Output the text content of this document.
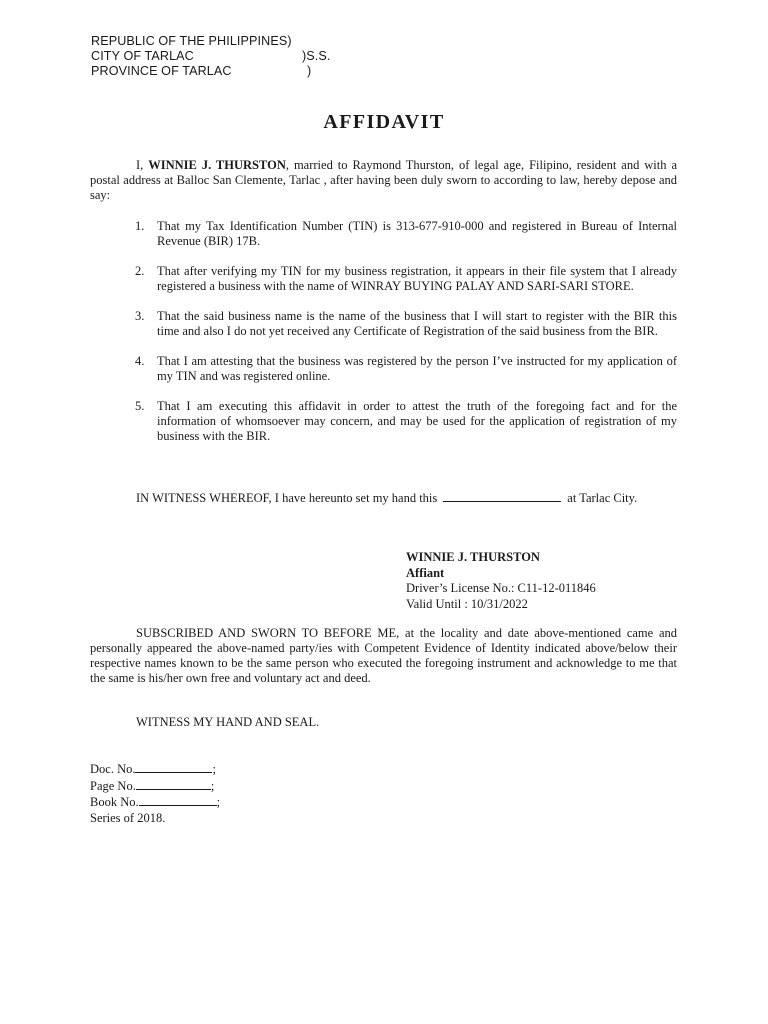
REPUBLIC OF THE PHILIPPINES)
CITY OF TARLAC	)S.S.
PROVINCE OF TARLAC	)
AFFIDAVIT

I, WINNIE J. THURSTON, married to Raymond Thurston, of legal age, Filipino, resident and with a postal address at Balloc San Clemente, Tarlac , after having been duly sworn to according to law, hereby depose and say:

1. That my Tax Identification Number (TIN) is 313-677-910-000 and registered in Bureau of Internal Revenue (BIR) 17B.
2. That after verifying my TIN for my business registration, it appears in their file system that I already registered a business with the name of WINRAY BUYING PALAY AND SARI-SARI STORE.
3. That the said business name is the name of the business that I will start to register with the BIR this time and also I do not yet received any Certificate of Registration of the said business from the BIR.
4. That I am attesting that the business was registered by the person I’ve instructed for my application of my TIN and was registered online.
5. That I am executing this affidavit in order to attest the truth of the foregoing fact and for the information of whomsoever may concern, and may be used for the application of registration of my business with the BIR.

IN WITNESS WHEREOF, I have hereunto set my hand this	at Tarlac City.

WINNIE J. THURSTON
Affiant
Driver’s License No.: C11-12-011846
Valid Until : 10/31/2022

SUBSCRIBED AND SWORN TO BEFORE ME, at the locality and date above-mentioned came and personally appeared the above-named party/ies with Competent Evidence of Identity indicated above/below their respective names known to be the same person who executed the foregoing instrument and acknowledge to me that the same is his/her own free and voluntary act and deed.

WITNESS MY HAND AND SEAL.
Doc. No.	;
Page No.	;
Book No.	;
Series of 2018.
